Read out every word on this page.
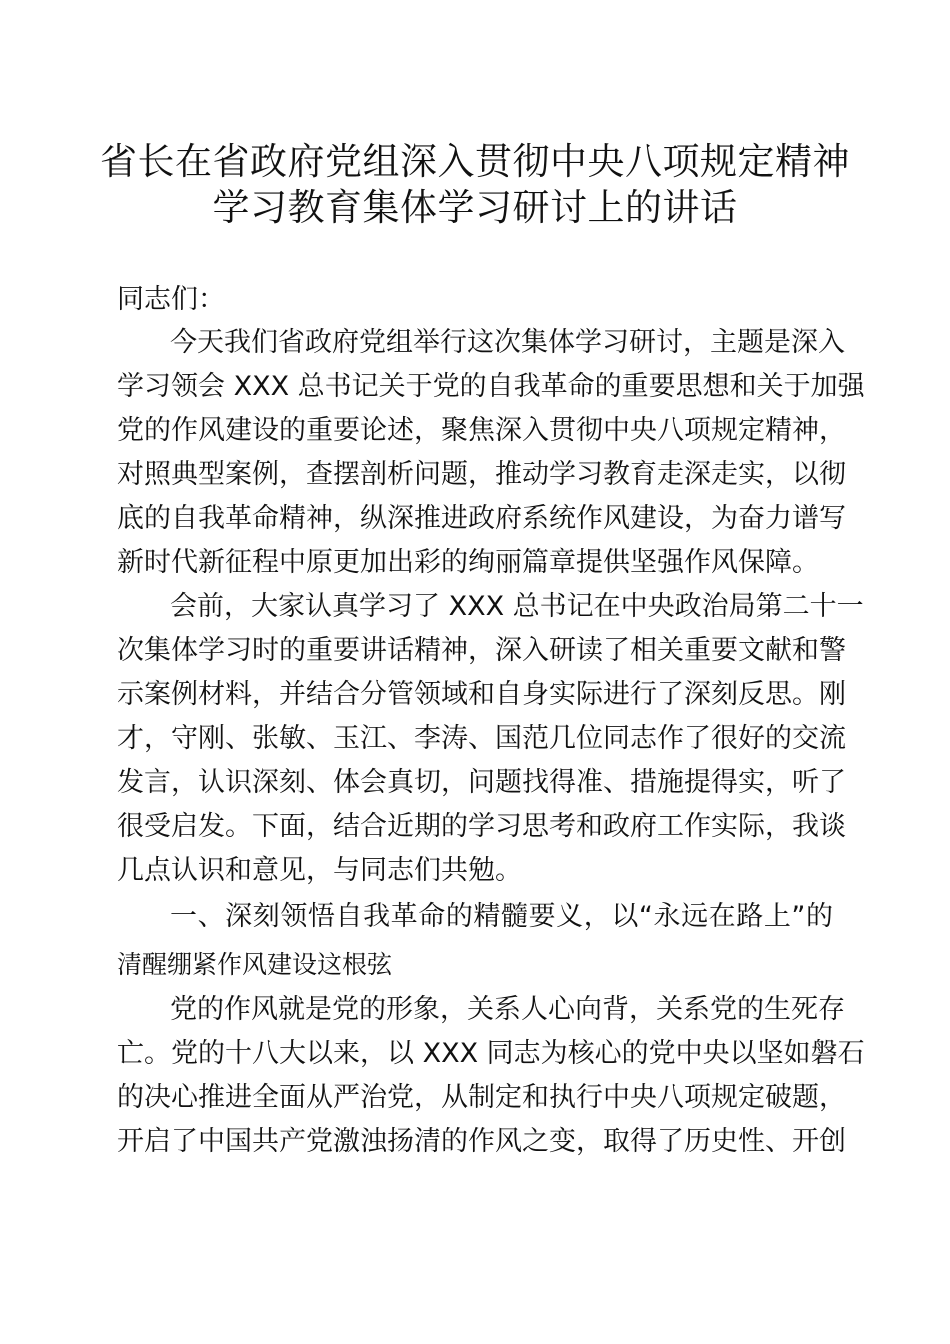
省长在省政府党组深入贯彻中央八项规定精神
学习教育集体学习研讨上的讲话
同志们：
今天我们省政府党组举行这次集体学习研讨，主题是深入
学习领会 XXX 总书记关于党的自我革命的重要思想和关于加强
党的作风建设的重要论述，聚焦深入贯彻中央八项规定精神，
对照典型案例，查摆剖析问题，推动学习教育走深走实，以彻
底的自我革命精神，纵深推进政府系统作风建设，为奋力谱写
新时代新征程中原更加出彩的绚丽篇章提供坚强作风保障。
会前，大家认真学习了 XXX 总书记在中央政治局第二十一
次集体学习时的重要讲话精神，深入研读了相关重要文献和警
示案例材料，并结合分管领域和自身实际进行了深刻反思。刚
才，守刚、张敏、玉江、李涛、国范几位同志作了很好的交流
发言，认识深刻、体会真切，问题找得准、措施提得实，听了
很受启发。下面，结合近期的学习思考和政府工作实际，我谈
几点认识和意见，与同志们共勉。
一、深刻领悟自我革命的精髓要义，以“永远在路上”的
清醒绷紧作风建设这根弦
党的作风就是党的形象，关系人心向背，关系党的生死存
亡。党的十八大以来，以 XXX 同志为核心的党中央以坚如磐石
的决心推进全面从严治党，从制定和执行中央八项规定破题，
开启了中国共产党激浊扬清的作风之变，取得了历史性、开创
